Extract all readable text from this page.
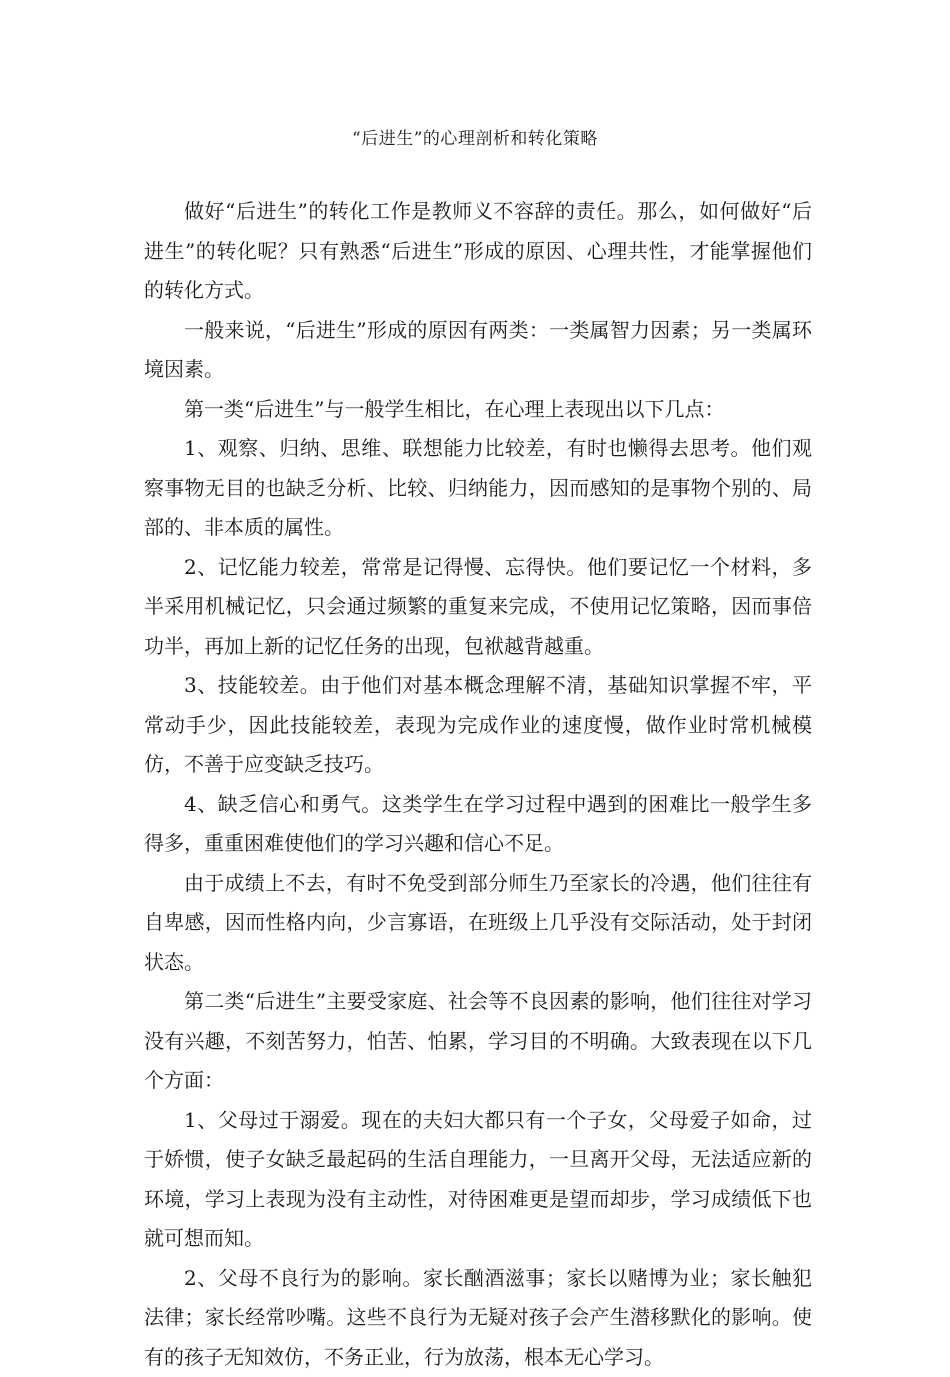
“后进生”的心理剖析和转化策略

做好“后进生”的转化工作是教师义不容辞的责任。那么，如何做好“后进生”的转化呢？只有熟悉“后进生”形成的原因、心理共性，才能掌握他们的转化方式。

一般来说，“后进生”形成的原因有两类：一类属智力因素；另一类属环境因素。

第一类“后进生”与一般学生相比，在心理上表现出以下几点：

1、观察、归纳、思维、联想能力比较差，有时也懒得去思考。他们观察事物无目的也缺乏分析、比较、归纳能力，因而感知的是事物个别的、局部的、非本质的属性。

2、记忆能力较差，常常是记得慢、忘得快。他们要记忆一个材料，多半采用机械记忆，只会通过频繁的重复来完成，不使用记忆策略，因而事倍功半，再加上新的记忆任务的出现，包袱越背越重。

3、技能较差。由于他们对基本概念理解不清，基础知识掌握不牢，平常动手少，因此技能较差，表现为完成作业的速度慢，做作业时常机械模仿，不善于应变缺乏技巧。

4、缺乏信心和勇气。这类学生在学习过程中遇到的困难比一般学生多得多，重重困难使他们的学习兴趣和信心不足。

由于成绩上不去，有时不免受到部分师生乃至家长的冷遇，他们往往有自卑感，因而性格内向，少言寡语，在班级上几乎没有交际活动，处于封闭状态。

第二类“后进生”主要受家庭、社会等不良因素的影响，他们往往对学习没有兴趣，不刻苦努力，怕苦、怕累，学习目的不明确。大致表现在以下几个方面：

1、父母过于溺爱。现在的夫妇大都只有一个子女，父母爱子如命，过于娇惯，使子女缺乏最起码的生活自理能力，一旦离开父母，无法适应新的环境，学习上表现为没有主动性，对待困难更是望而却步，学习成绩低下也就可想而知。

2、父母不良行为的影响。家长酗酒滋事；家长以赌博为业；家长触犯法律；家长经常吵嘴。这些不良行为无疑对孩子会产生潜移默化的影响。使有的孩子无知效仿，不务正业，行为放荡，根本无心学习。
